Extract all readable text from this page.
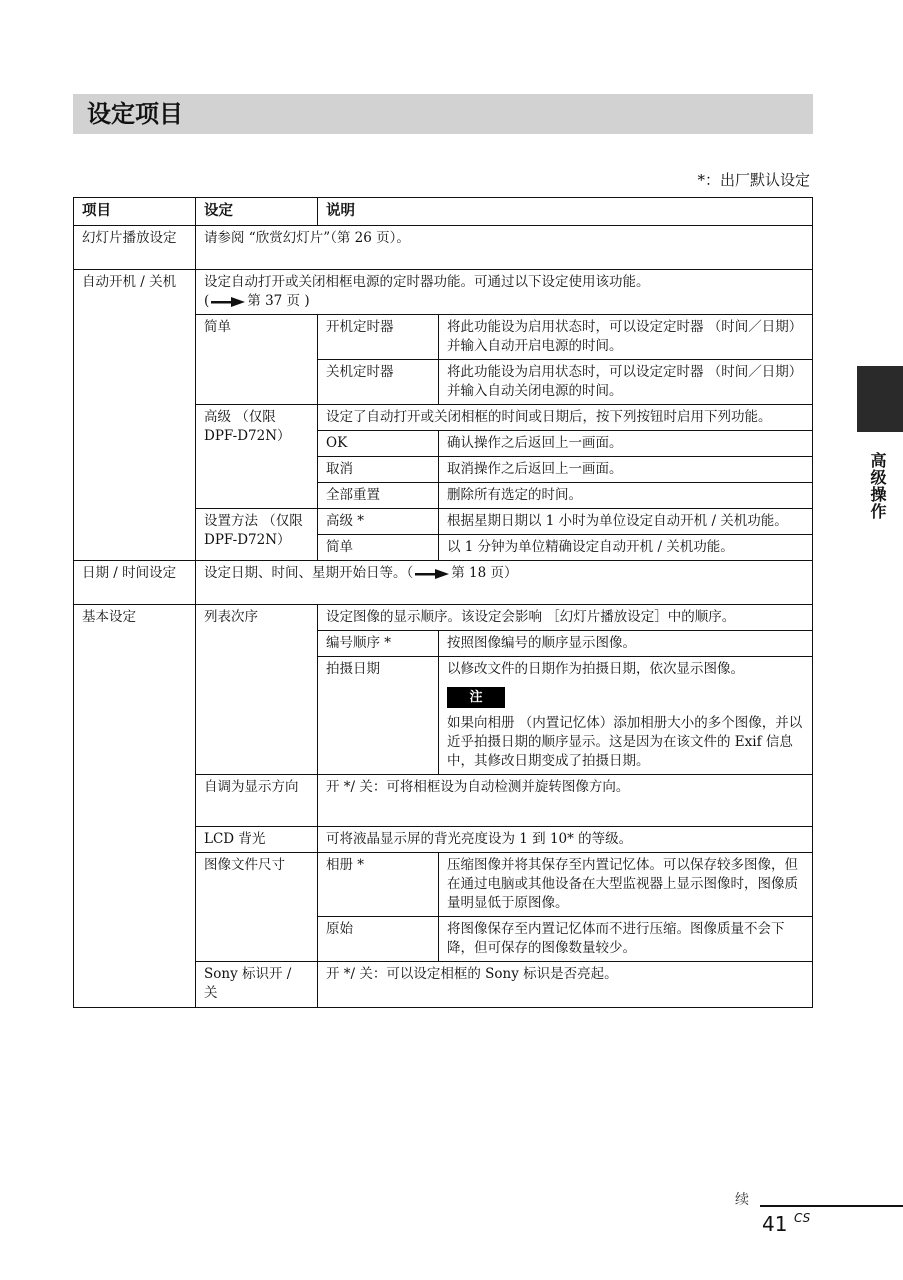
设定项目
*：出厂默认设定
项目	设定	说明	
幻灯片播放设定	请参阅 “欣赏幻灯片”（第 26 页）。		
自动开机 / 关机	设定自动打开或关闭相框电源的定时器功能。可通过以下设定使用该功能。
( 第 37 页 )		
	简单	开机定时器	将此功能设为启用状态时，可以设定定时器 （时间／日期）并输入自动开启电源的时间。
		关机定时器	将此功能设为启用状态时，可以设定定时器 （时间／日期）并输入自动关闭电源的时间。
	高级 （仅限 DPF-D72N）	设定了自动打开或关闭相框的时间或日期后，按下列按钮时启用下列功能。	
		OK	确认操作之后返回上一画面。
		取消	取消操作之后返回上一画面。
		全部重置	删除所有选定的时间。
	设置方法 （仅限 DPF-D72N）	高级 *	根据星期日期以 1 小时为单位设定自动开机 / 关机功能。
		简单	以 1 分钟为单位精确设定自动开机 / 关机功能。
日期 / 时间设定	设定日期、时间、星期开始日等。（ 第 18 页）		
基本设定	列表次序	设定图像的显示顺序。该设定会影响 ［幻灯片播放设定］中的顺序。	
		编号顺序 *	按照图像编号的顺序显示图像。
		拍摄日期	以修改文件的日期作为拍摄日期，依次显示图像。
注
如果向相册 （内置记忆体）添加相册大小的多个图像，并以近乎拍摄日期的顺序显示。这是因为在该文件的 Exif 信息中，其修改日期变成了拍摄日期。

	自调为显示方向	开 */ 关：可将相框设为自动检测并旋转图像方向。	
	LCD 背光	可将液晶显示屏的背光亮度设为 1 到 10* 的等级。	
	图像文件尺寸	相册 *	压缩图像并将其保存至内置记忆体。可以保存较多图像，但在通过电脑或其他设备在大型监视器上显示图像时，图像质量明显低于原图像。
		原始	将图像保存至内置记忆体而不进行压缩。图像质量不会下降，但可保存的图像数量较少。
	Sony 标识开 / 关	开 */ 关：可以设定相框的 Sony 标识是否亮起。	
高级操作
续
41 CS
